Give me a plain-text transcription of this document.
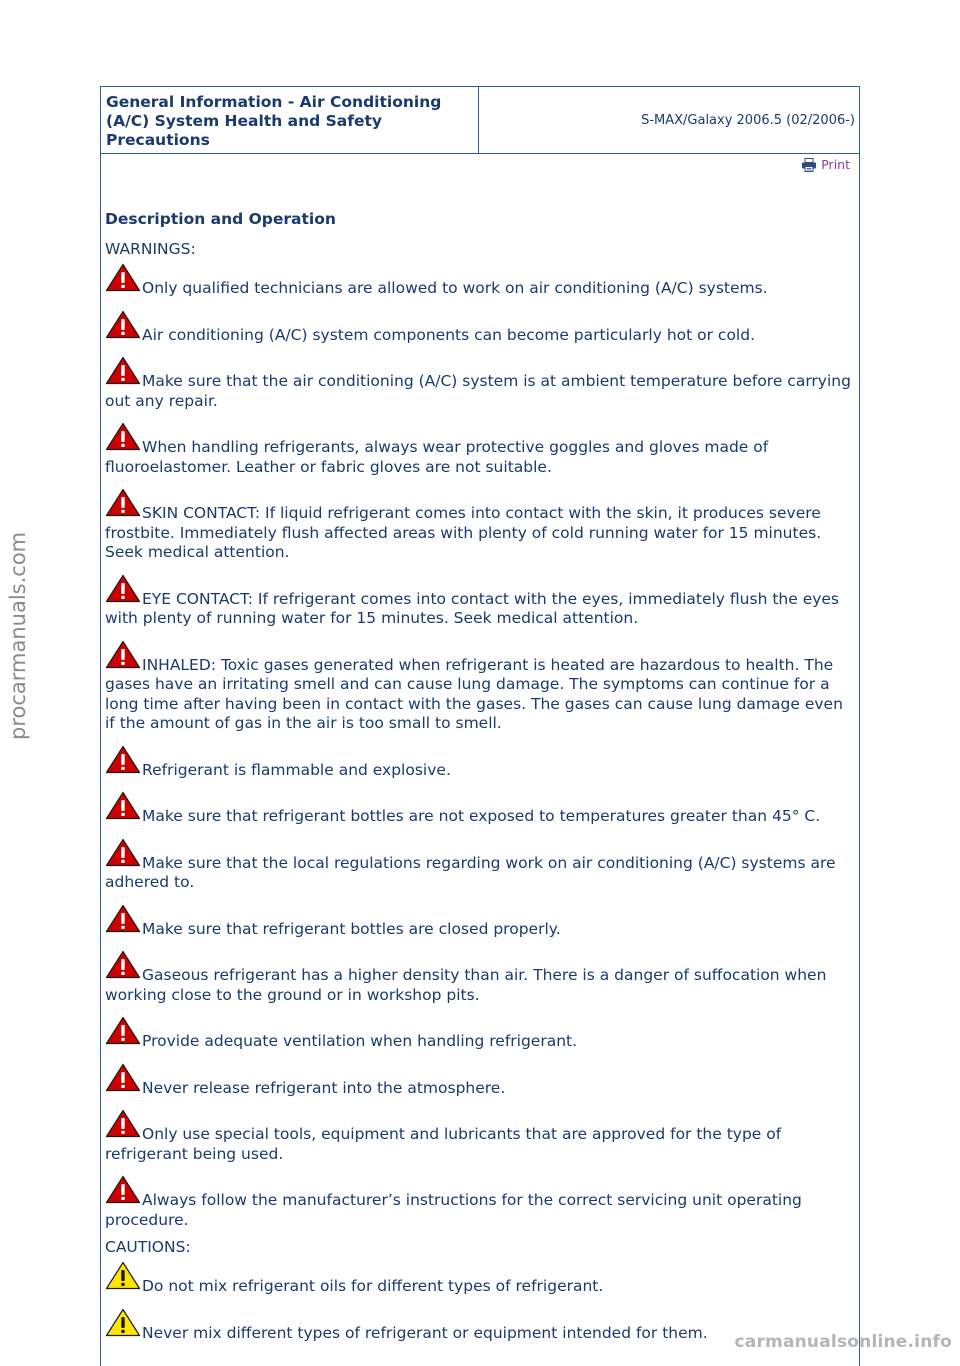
General Information - Air Conditioning (A/C) System Health and Safety Precautions
S-MAX/Galaxy 2006.5 (02/2006-)
Print
Description and Operation
WARNINGS:
Only qualified technicians are allowed to work on air conditioning (A/C) systems.
Air conditioning (A/C) system components can become particularly hot or cold.
Make sure that the air conditioning (A/C) system is at ambient temperature before carrying out any repair.
When handling refrigerants, always wear protective goggles and gloves made of fluoroelastomer. Leather or fabric gloves are not suitable.
SKIN CONTACT: If liquid refrigerant comes into contact with the skin, it produces severe frostbite. Immediately flush affected areas with plenty of cold running water for 15 minutes. Seek medical attention.
EYE CONTACT: If refrigerant comes into contact with the eyes, immediately flush the eyes with plenty of running water for 15 minutes. Seek medical attention.
INHALED: Toxic gases generated when refrigerant is heated are hazardous to health. The gases have an irritating smell and can cause lung damage. The symptoms can continue for a long time after having been in contact with the gases. The gases can cause lung damage even if the amount of gas in the air is too small to smell.
Refrigerant is flammable and explosive.
Make sure that refrigerant bottles are not exposed to temperatures greater than 45° C.
Make sure that the local regulations regarding work on air conditioning (A/C) systems are adhered to.
Make sure that refrigerant bottles are closed properly.
Gaseous refrigerant has a higher density than air. There is a danger of suffocation when working close to the ground or in workshop pits.
Provide adequate ventilation when handling refrigerant.
Never release refrigerant into the atmosphere.
Only use special tools, equipment and lubricants that are approved for the type of refrigerant being used.
Always follow the manufacturer’s instructions for the correct servicing unit operating procedure.
CAUTIONS:
Do not mix refrigerant oils for different types of refrigerant.
Never mix different types of refrigerant or equipment intended for them.
procarmanuals.com
carmanualsonline.info
